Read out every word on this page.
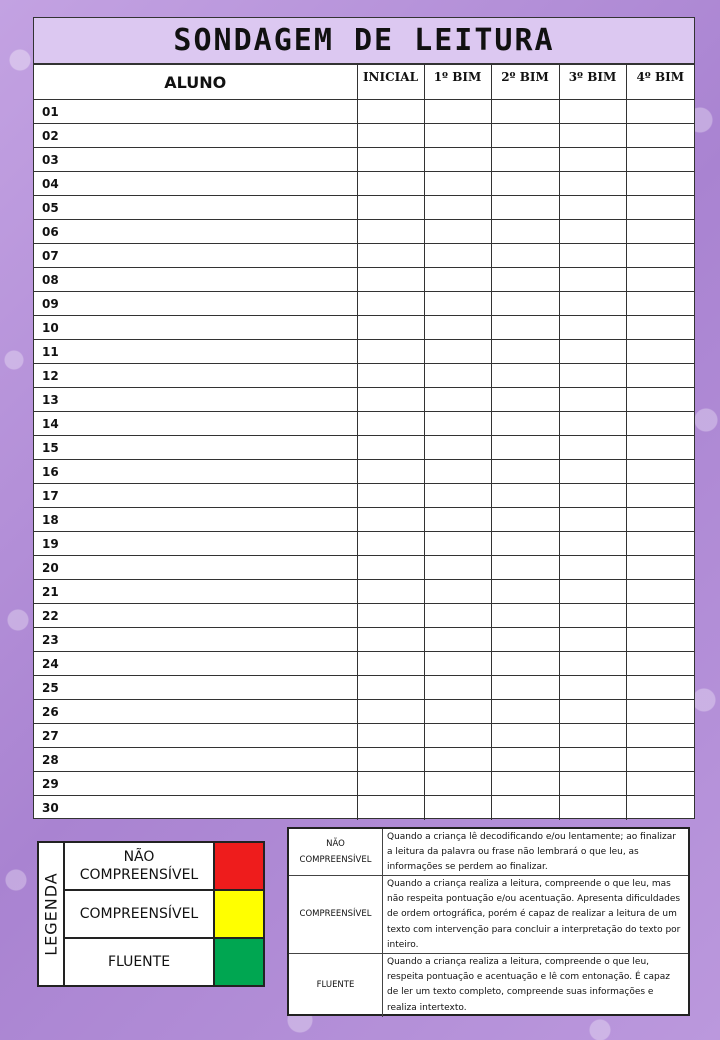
SONDAGEM DE LEITURA
ALUNO	INICIAL	1º BIM	2º BIM	3º BIM	4º BIM
01					
02					
03					
04					
05					
06					
07					
08					
09					
10					
11					
12					
13					
14					
15					
16					
17					
18					
19					
20					
21					
22					
23					
24					
25					
26					
27					
28					
29					
30					
LEGENDA
NÃO COMPREENSÍVEL
COMPREENSÍVEL
FLUENTE
NÃO COMPREENSÍVEL
Quando a criança lê decodificando e/ou lentamente; ao finalizar a leitura da palavra ou frase não lembrará o que leu, as informações se perdem ao finalizar.
COMPREENSÍVEL
Quando a criança realiza a leitura, compreende o que leu, mas não respeita pontuação e/ou acentuação. Apresenta dificuldades de ordem ortográfica, porém é capaz de realizar a leitura de um texto com intervenção para concluir a interpretação do texto por inteiro.
FLUENTE
Quando a criança realiza a leitura, compreende o que leu, respeita pontuação e acentuação e lê com entonação. É capaz de ler um texto completo, compreende suas informações e realiza intertexto.
